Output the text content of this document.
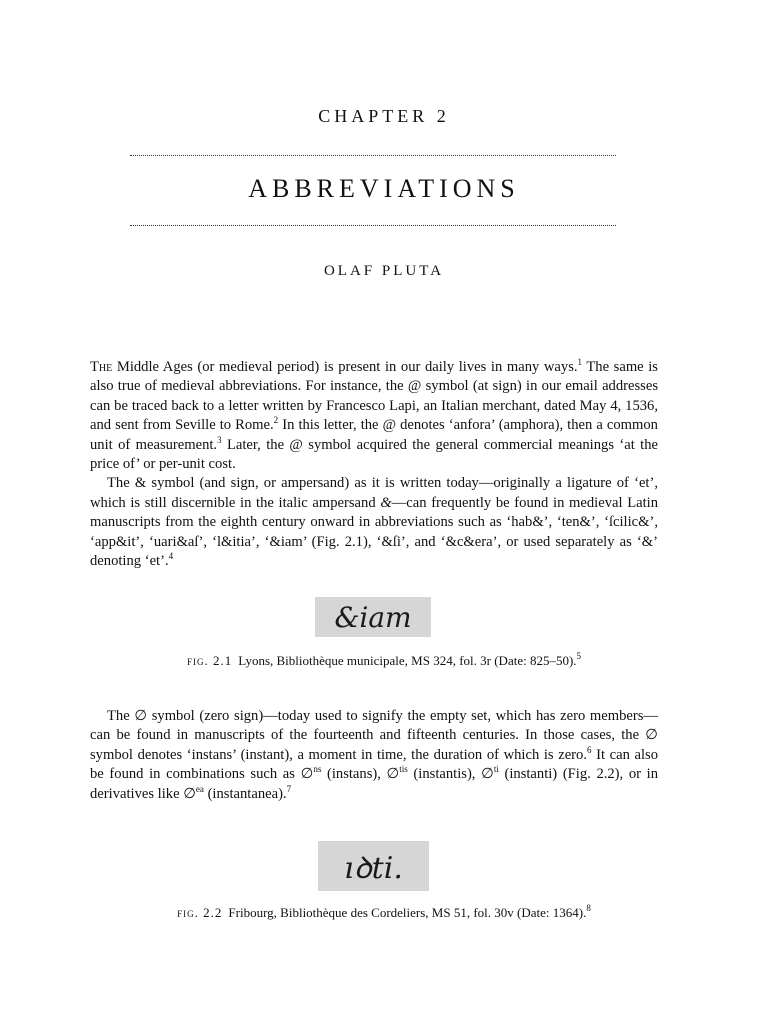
CHAPTER 2
ABBREVIATIONS
OLAF PLUTA

The Middle Ages (or medieval period) is present in our daily lives in many ways.$^1$ The same is also true of medieval abbreviations. For instance, the @ symbol (at sign) in our email addresses can be traced back to a letter written by Francesco Lapi, an Italian merchant, dated May 4, 1536, and sent from Seville to Rome.$^2$ In this letter, the @ denotes ‘anfora’ (amphora), then a common unit of measurement.$^3$ Later, the @ symbol acquired the general commercial meanings ‘at the price of’ or per-unit cost.

The & symbol (and sign, or ampersand) as it is written today—originally a ligature of ‘et’, which is still discernible in the italic ampersand &—can frequently be found in medieval Latin manuscripts from the eighth century onward in abbreviations such as ‘hab&’, ‘ten&’, ‘ſcilic&’, ‘app&it’, ‘uari&aſ’, ‘l&itia’, ‘&iam’ (Fig. 2.1), ‘&ſi’, and ‘&c&era’, or used separately as ‘&’ denoting ‘et’.$^4$

&iam
fig. 2.1 Lyons, Bibliothèque municipale, MS 324, fol. 3r (Date: 825–50).$^5$

The ∅ symbol (zero sign)—today used to signify the empty set, which has zero members—can be found in manuscripts of the fourteenth and fifteenth centuries. In those cases, the ∅ symbol denotes ‘instans’ (instant), a moment in time, the duration of which is zero.$^6$ It can also be found in combinations such as ∅$^{ns}$ (instans), ∅$^{tis}$ (instantis), ∅$^{ti}$ (instanti) (Fig. 2.2), or in derivatives like ∅$^{ea}$ (instantanea).$^7$

ıꝺti.
fig. 2.2 Fribourg, Bibliothèque des Cordeliers, MS 51, fol. 30v (Date: 1364).$^8$
